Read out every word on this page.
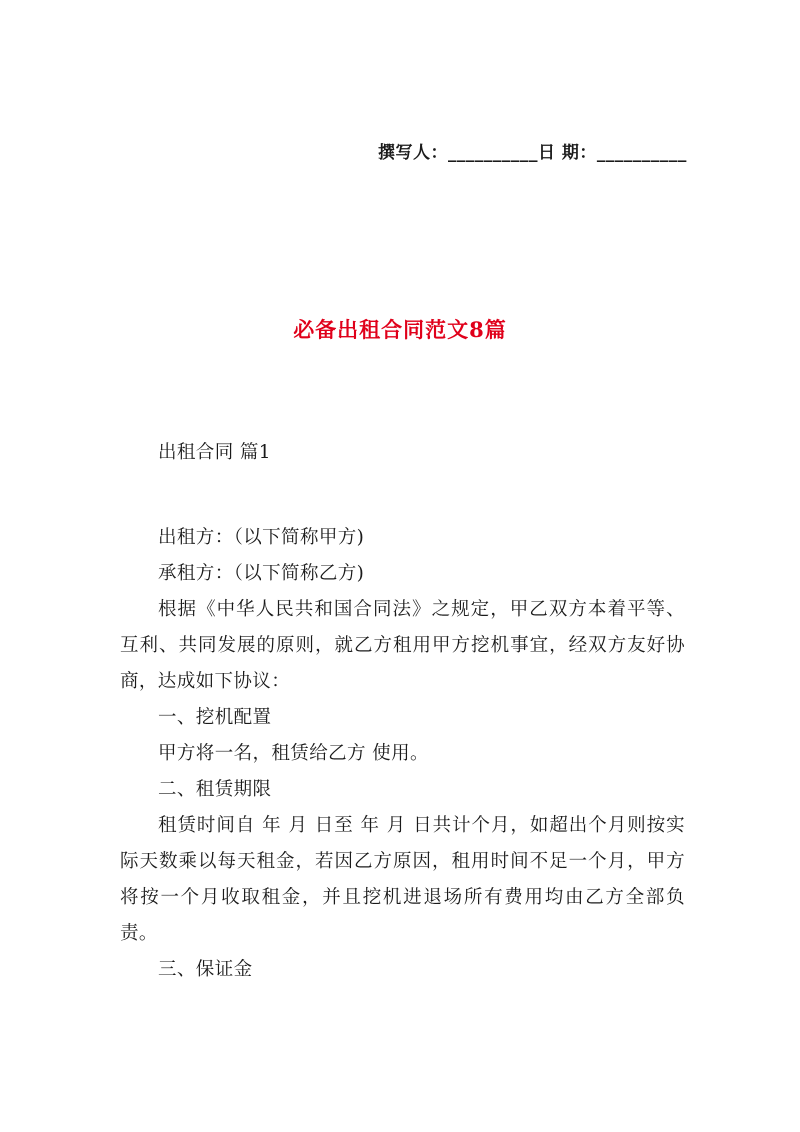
撰写人：__________日 期：__________
必备出租合同范文8篇
出租合同 篇1

出租方：（以下简称甲方)

承租方：（以下简称乙方)

根据《中华人民共和国合同法》之规定，甲乙双方本着平等、互利、共同发展的原则，就乙方租用甲方挖机事宜，经双方友好协商，达成如下协议：

一、挖机配置

甲方将一名，租赁给乙方 使用。

二、租赁期限

租赁时间自 年 月 日至 年 月 日共计个月，如超出个月则按实际天数乘以每天租金，若因乙方原因，租用时间不足一个月，甲方将按一个月收取租金，并且挖机进退场所有费用均由乙方全部负责。

三、保证金
